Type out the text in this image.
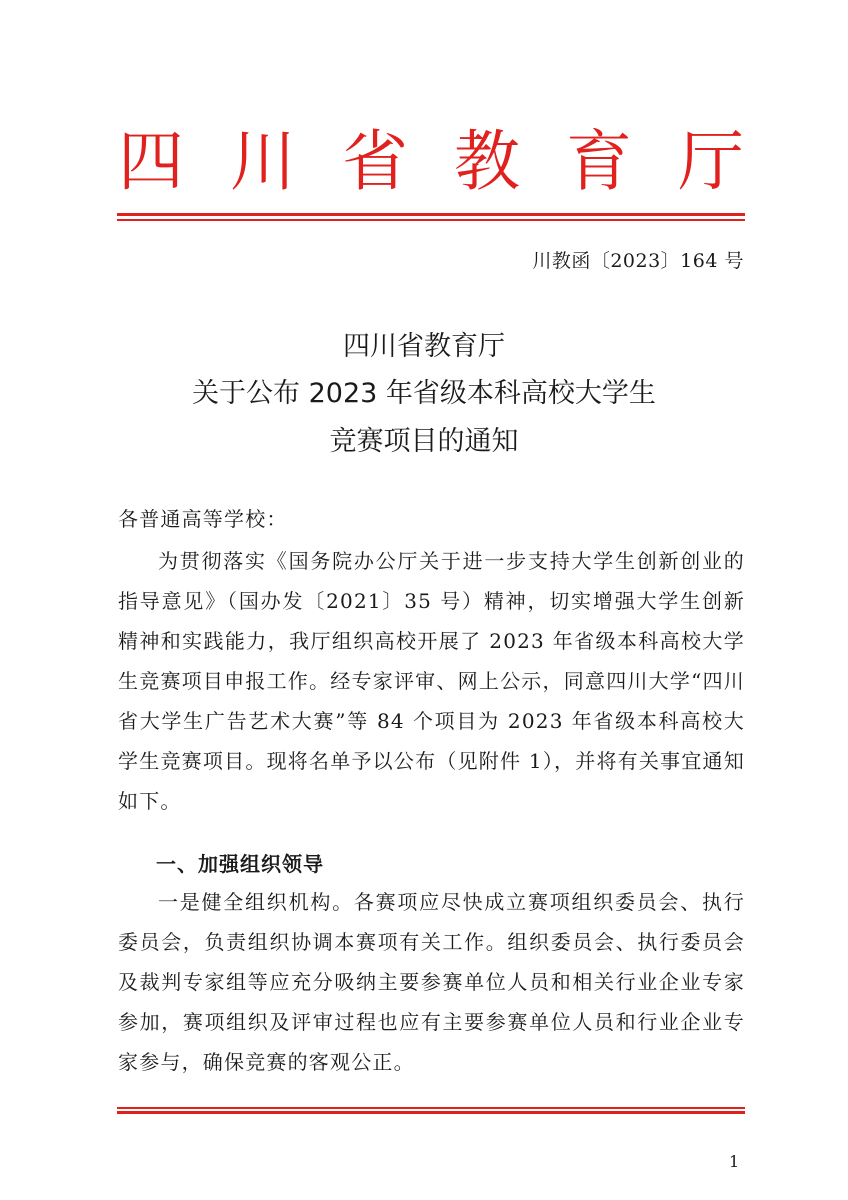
四 川 省 教 育 厅
川教函〔2023〕164 号
四川省教育厅
关于公布 2023 年省级本科高校大学生
竞赛项目的通知

各普通高等学校：

为贯彻落实《国务院办公厅关于进一步支持大学生创新创业的指导意见》（国办发〔2021〕35 号）精神，切实增强大学生创新精神和实践能力，我厅组织高校开展了 2023 年省级本科高校大学生竞赛项目申报工作。经专家评审、网上公示，同意四川大学“四川省大学生广告艺术大赛”等 84 个项目为 2023 年省级本科高校大学生竞赛项目。现将名单予以公布（见附件 1），并将有关事宜通知如下。

一、加强组织领导

一是健全组织机构。各赛项应尽快成立赛项组织委员会、执行委员会，负责组织协调本赛项有关工作。组织委员会、执行委员会及裁判专家组等应充分吸纳主要参赛单位人员和相关行业企业专家参加，赛项组织及评审过程也应有主要参赛单位人员和行业企业专家参与，确保竞赛的客观公正。

1
